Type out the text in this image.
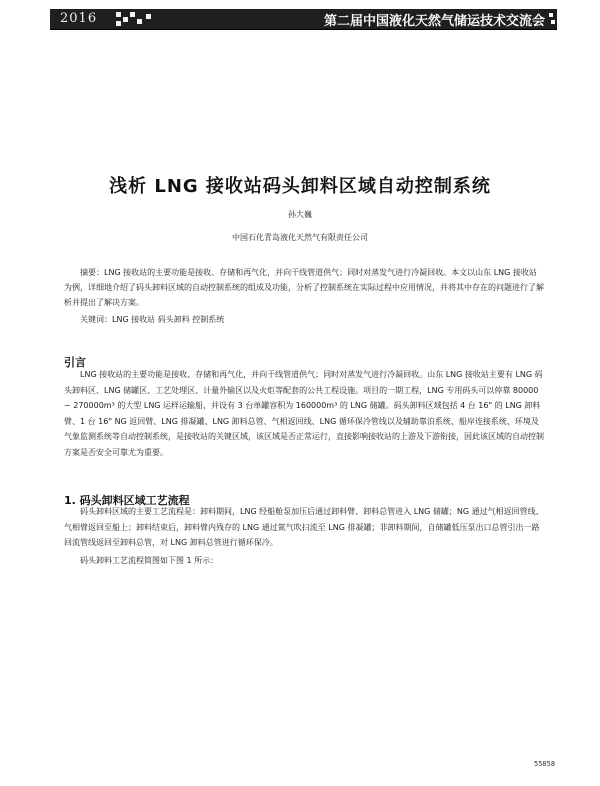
2016	第二届中国液化天然气储运技术交流会
浅析 LNG 接收站码头卸料区域自动控制系统
孙大巍
中国石化青岛液化天然气有限责任公司

摘要：LNG 接收站的主要功能是接收、存储和再气化，并向干线管道供气；同时对蒸发气进行冷凝回收。本文以山东 LNG 接收站为例，详细地介绍了码头卸料区域的自动控制系统的组成及功能，分析了控制系统在实际过程中应用情况，并将其中存在的问题进行了解析并提出了解决方案。

关键词：LNG 接收站 码头卸料 控制系统

引言

LNG 接收站的主要功能是接收、存储和再气化，并向干线管道供气；同时对蒸发气进行冷凝回收。山东 LNG 接收站主要有 LNG 码头卸料区、LNG 储罐区、工艺处理区、计量外输区以及火炬等配套的公共工程设施。项目的一期工程，LNG 专用码头可以停靠 80000 ~ 270000m³ 的大型 LNG 运样运输船，并设有 3 台单罐容积为 160000m³ 的 LNG 储罐。码头卸料区域包括 4 台 16" 的 LNG 卸料臂、1 台 16" NG 返回臂、LNG 排凝罐、LNG 卸料总管、气相返回线、LNG 循环保冷管线以及辅助靠泊系统、船岸连接系统、环境及气象监测系统等自动控制系统，是接收站的关键区域，该区域是否正常运行，直接影响接收站的上游及下游衔接，因此该区域的自动控制方案是否安全可靠尤为重要。

1. 码头卸料区域工艺流程

码头卸料区域的主要工艺流程是：卸料期间，LNG 经船舱泵加压后通过卸料臂、卸料总管进入 LNG 储罐；NG 通过气相返回管线、气相臂返回至船上；卸料结束后，卸料臂内残存的 LNG 通过氮气吹扫流至 LNG 排凝罐；非卸料期间，自储罐低压泵出口总管引出一路回流管线返回至卸料总管，对 LNG 卸料总管进行循环保冷。

码头卸料工艺流程简图如下图 1 所示：

55858
